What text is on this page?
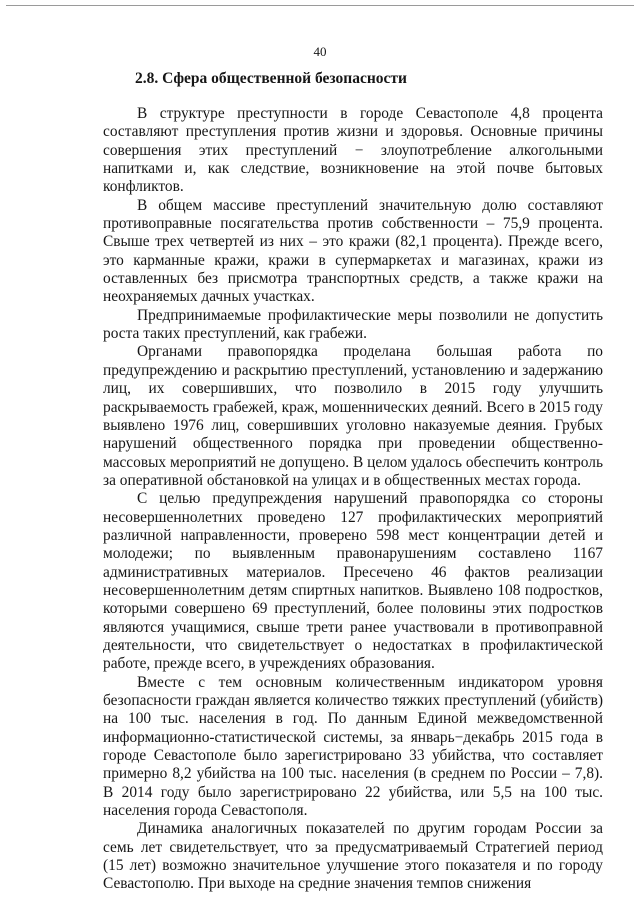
40
2.8. Сфера общественной безопасности

В структуре преступности в городе Севастополе 4,8 процента составляют преступления против жизни и здоровья. Основные причины совершения этих преступлений − злоупотребление алкогольными напитками и, как следствие, возникновение на этой почве бытовых конфликтов.

В общем массиве преступлений значительную долю составляют противоправные посягательства против собственности – 75,9 процента. Свыше трех четвертей из них – это кражи (82,1 процента). Прежде всего, это карманные кражи, кражи в супермаркетах и магазинах, кражи из оставленных без присмотра транспортных средств, а также кражи на неохраняемых дачных участках.

Предпринимаемые профилактические меры позволили не допустить роста таких преступлений, как грабежи.

Органами правопорядка проделана большая работа по предупреждению и раскрытию преступлений, установлению и задержанию лиц, их совершивших, что позволило в 2015 году улучшить раскрываемость грабежей, краж, мошеннических деяний. Всего в 2015 году выявлено 1976 лиц, совершивших уголовно наказуемые деяния. Грубых нарушений общественного порядка при проведении общественно-массовых мероприятий не допущено. В целом удалось обеспечить контроль за оперативной обстановкой на улицах и в общественных местах города.

С целью предупреждения нарушений правопорядка со стороны несовершеннолетних проведено 127 профилактических мероприятий различной направленности, проверено 598 мест концентрации детей и молодежи; по выявленным правонарушениям составлено 1167 административных материалов. Пресечено 46 фактов реализации несовершеннолетним детям спиртных напитков. Выявлено 108 подростков, которыми совершено 69 преступлений, более половины этих подростков являются учащимися, свыше трети ранее участвовали в противоправной деятельности, что свидетельствует о недостатках в профилактической работе, прежде всего, в учреждениях образования.

Вместе с тем основным количественным индикатором уровня безопасности граждан является количество тяжких преступлений (убийств) на 100 тыс. населения в год. По данным Единой межведомственной информационно-статистической системы, за январь−декабрь 2015 года в городе Севастополе было зарегистрировано 33 убийства, что составляет примерно 8,2 убийства на 100 тыс. населения (в среднем по России – 7,8). В 2014 году было зарегистрировано 22 убийства, или 5,5 на 100 тыс. населения города Севастополя.

Динамика аналогичных показателей по другим городам России за семь лет свидетельствует, что за предусматриваемый Стратегией период (15 лет) возможно значительное улучшение этого показателя и по городу Севастополю. При выходе на средние значения темпов снижения
